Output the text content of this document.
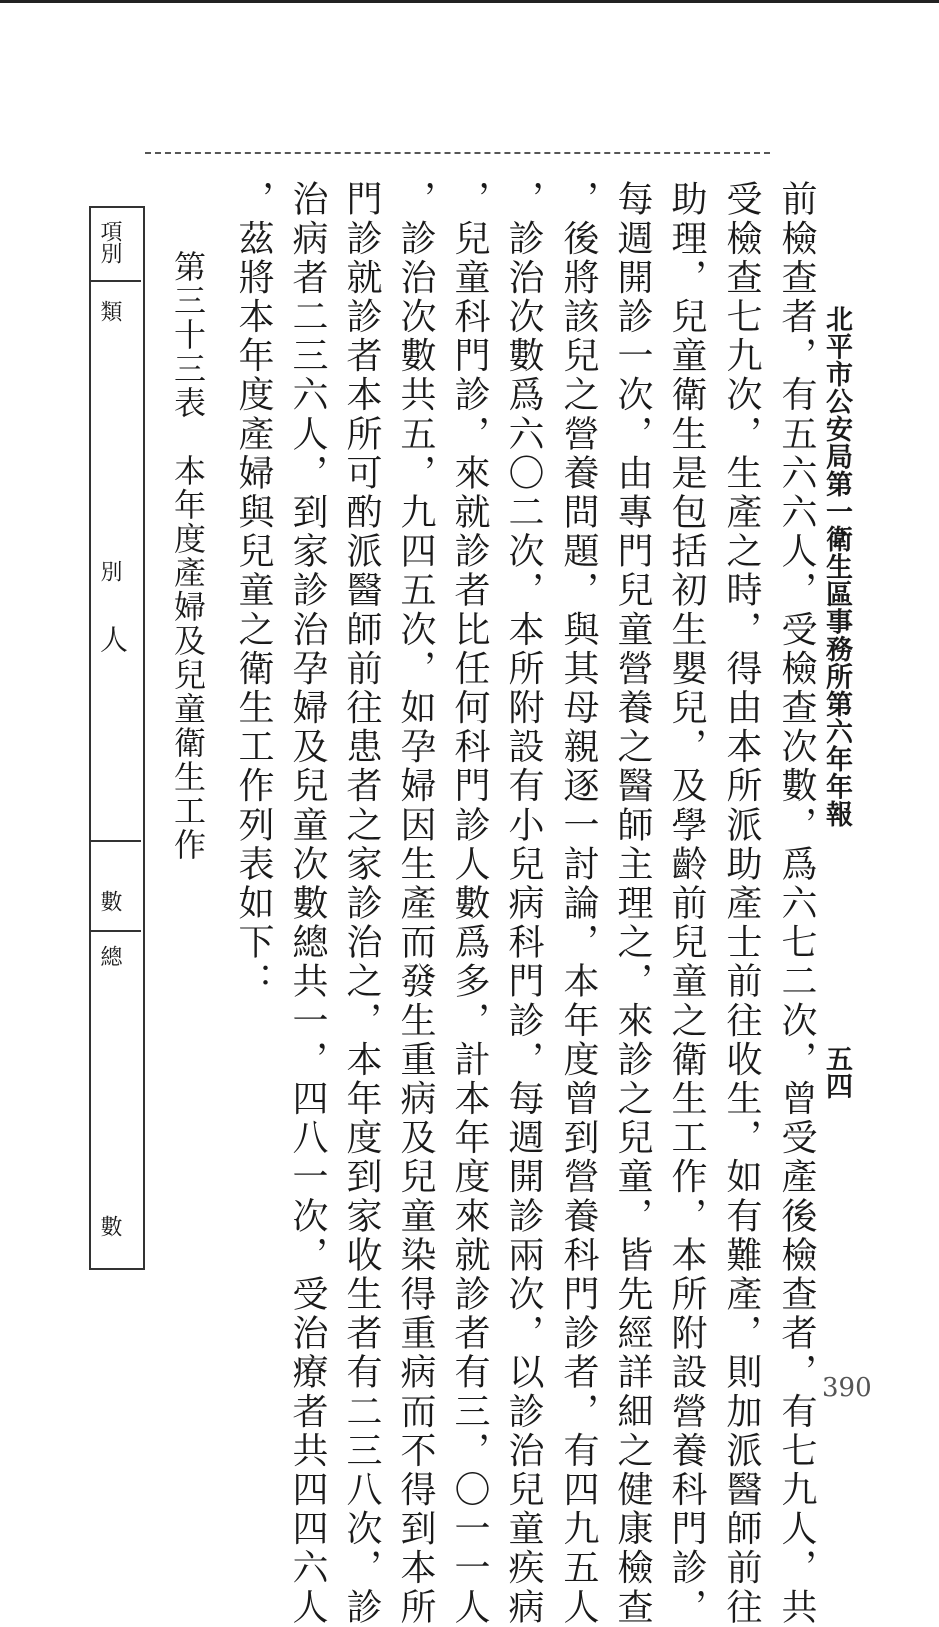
北平市公安局第一衛生區事務所第六年年報
五四
前檢查者，有五六六人，受檢查次數，爲六七二次，曾受產後檢查者，有七九人，共
受檢查七九次，生產之時，得由本所派助產士前往收生，如有難產，則加派醫師前往
助理，兒童衛生是包括初生嬰兒，及學齡前兒童之衛生工作，本所附設營養科門診，
每週開診一次，由專門兒童營養之醫師主理之，來診之兒童，皆先經詳細之健康檢查
，後將該兒之營養問題，與其母親逐一討論，本年度曾到營養科門診者，有四九五人
，診治次數爲六〇二次，本所附設有小兒病科門診，每週開診兩次，以診治兒童疾病
，兒童科門診，來就診者比任何科門診人數爲多，計本年度來就診者有三，〇一一人
，診治次數共五，九四五次，如孕婦因生產而發生重病及兒童染得重病而不得到本所
門診就診者本所可酌派醫師前往患者之家診治之，本年度到家收生者有二三八次，診
治病者二三六人，到家診治孕婦及兒童次數總共一，四八一次，受治療者共四四六人
，茲將本年度產婦與兒童之衛生工作列表如下：
第三十三表　本年度產婦及兒童衛生工作
項別
類
別
人
數
總
數
390
